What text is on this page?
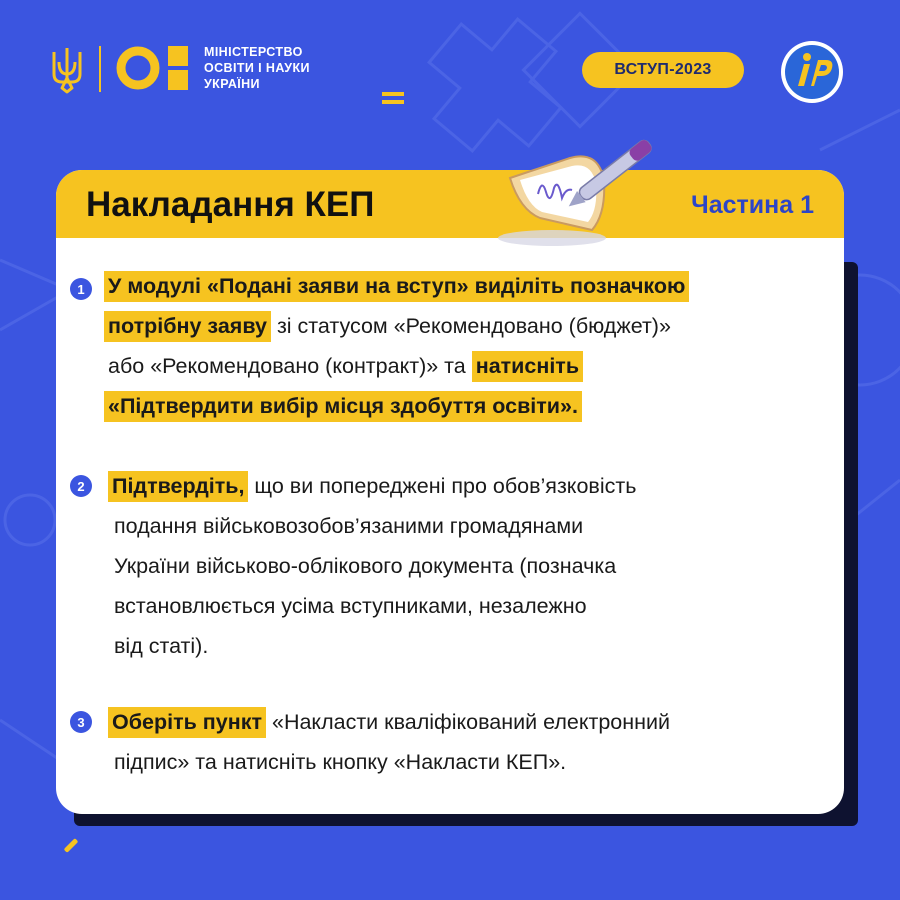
МІНІСТЕРСТВО
ОСВІТИ І НАУКИ
УКРАЇНИ
ВСТУП-2023
Накладання КЕП	Частина 1
1	У модулі «Подані заяви на вступ» виділіть позначкою
потрібну заяву зі статусом «Рекомендовано (бюджет)»
або «Рекомендовано (контракт)» та натисніть
«Підтвердити вибір місця здобуття освіти».
2	Підтвердіть, що ви попереджені про обов’язковість
подання військовозобов’язаними громадянами
України військово-облікового документа (позначка
встановлюється усіма вступниками, незалежно
від статі).
3	Оберіть пункт «Накласти кваліфікований електронний
підпис» та натисніть кнопку «Накласти КЕП».
